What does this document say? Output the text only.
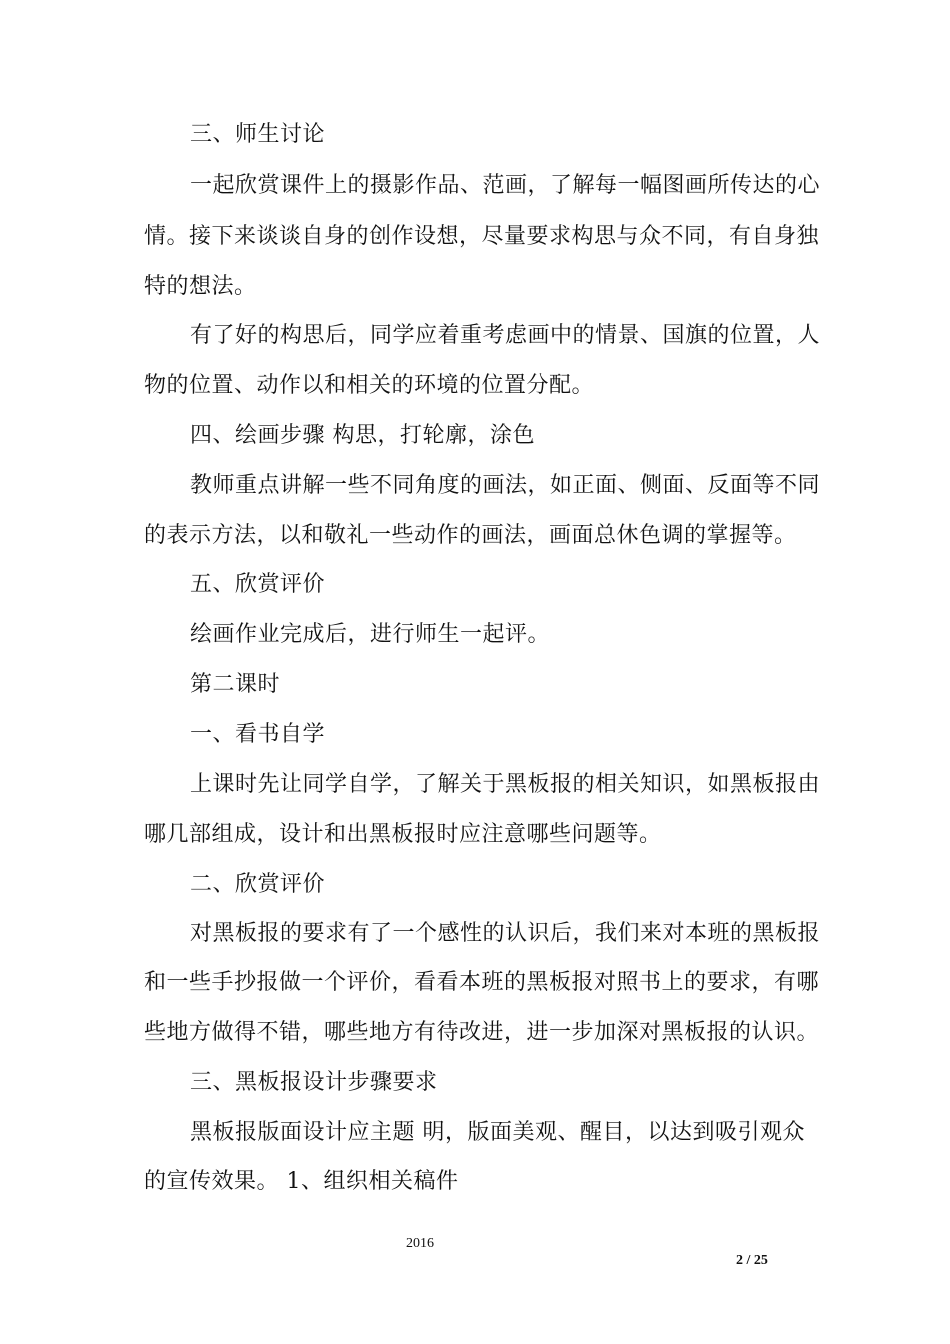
三、师生讨论
一起欣赏课件上的摄影作品、范画，了解每一幅图画所传达的心
情。接下来谈谈自身的创作设想，尽量要求构思与众不同，有自身独
特的想法。
有了好的构思后，同学应着重考虑画中的情景、国旗的位置，人
物的位置、动作以和相关的环境的位置分配。
四、绘画步骤 构思，打轮廓，涂色
教师重点讲解一些不同角度的画法，如正面、侧面、反面等不同
的表示方法，以和敬礼一些动作的画法，画面总休色调的掌握等。
五、欣赏评价
绘画作业完成后，进行师生一起评。
第二课时
一、看书自学
上课时先让同学自学，了解关于黑板报的相关知识，如黑板报由
哪几部组成，设计和出黑板报时应注意哪些问题等。
二、欣赏评价
对黑板报的要求有了一个感性的认识后，我们来对本班的黑板报
和一些手抄报做一个评价，看看本班的黑板报对照书上的要求，有哪
些地方做得不错，哪些地方有待改进，进一步加深对黑板报的认识。
三、黑板报设计步骤要求
黑板报版面设计应主题 明，版面美观、醒目，以达到吸引观众
的宣传效果。 1、组织相关稿件
2016
2 / 25
